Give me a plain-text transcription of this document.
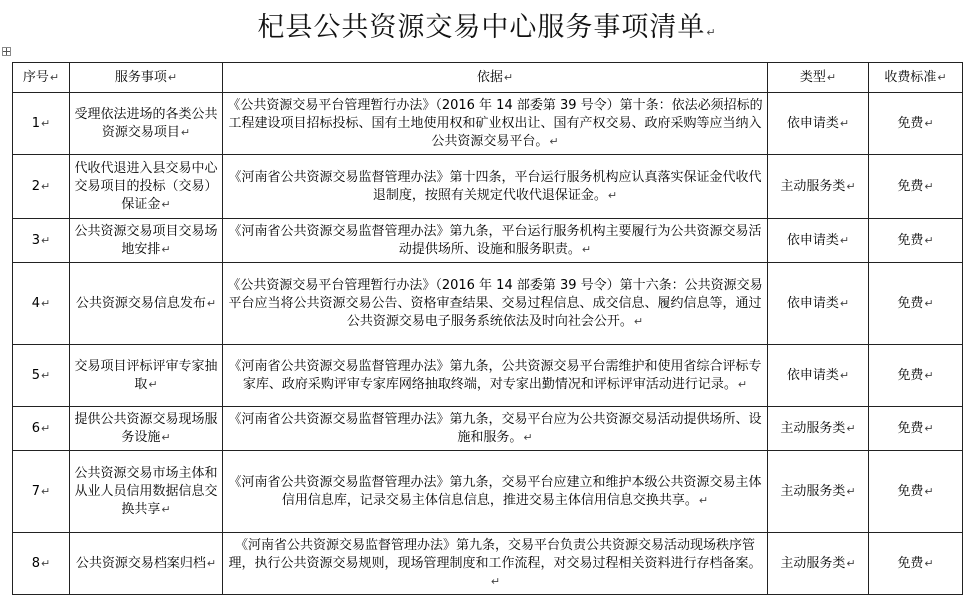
杞县公共资源交易中心服务事项清单↵
序号↵	服务事项↵	依据↵	类型↵	收费标准↵
1↵	受理依法进场的各类公共资源交易项目↵	《公共资源交易平台管理暂行办法》（2016 年 14 部委第 39 号令）第十条：依法必须招标的工程建设项目招标投标、国有土地使用权和矿业权出让、国有产权交易、政府采购等应当纳入公共资源交易平台。↵	依申请类↵	免费↵
2↵	代收代退进入县交易中心交易项目的投标（交易）保证金↵	《河南省公共资源交易监督管理办法》第十四条，平台运行服务机构应认真落实保证金代收代退制度，按照有关规定代收代退保证金。↵	主动服务类↵	免费↵
3↵	公共资源交易项目交易场地安排↵	《河南省公共资源交易监督管理办法》第九条，平台运行服务机构主要履行为公共资源交易活动提供场所、设施和服务职责。↵	依申请类↵	免费↵
4↵	公共资源交易信息发布↵	《公共资源交易平台管理暂行办法》（2016 年 14 部委第 39 号令）第十六条：公共资源交易平台应当将公共资源交易公告、资格审查结果、交易过程信息、成交信息、履约信息等，通过公共资源交易电子服务系统依法及时向社会公开。↵	依申请类↵	免费↵
5↵	交易项目评标评审专家抽取↵	《河南省公共资源交易监督管理办法》第九条，公共资源交易平台需维护和使用省综合评标专家库、政府采购评审专家库网络抽取终端，对专家出勤情况和评标评审活动进行记录。↵	依申请类↵	免费↵
6↵	提供公共资源交易现场服务设施↵	《河南省公共资源交易监督管理办法》第九条，交易平台应为公共资源交易活动提供场所、设施和服务。↵	主动服务类↵	免费↵
7↵	公共资源交易市场主体和从业人员信用数据信息交换共享↵	《河南省公共资源交易监督管理办法》第九条，交易平台应建立和维护本级公共资源交易主体信用信息库，记录交易主体信息信息，推进交易主体信用信息交换共享。↵	主动服务类↵	免费↵
8↵	公共资源交易档案归档↵	《河南省公共资源交易监督管理办法》第九条，交易平台负责公共资源交易活动现场秩序管理，执行公共资源交易规则，现场管理制度和工作流程，对交易过程相关资料进行存档备案。↵	主动服务类↵	免费↵
